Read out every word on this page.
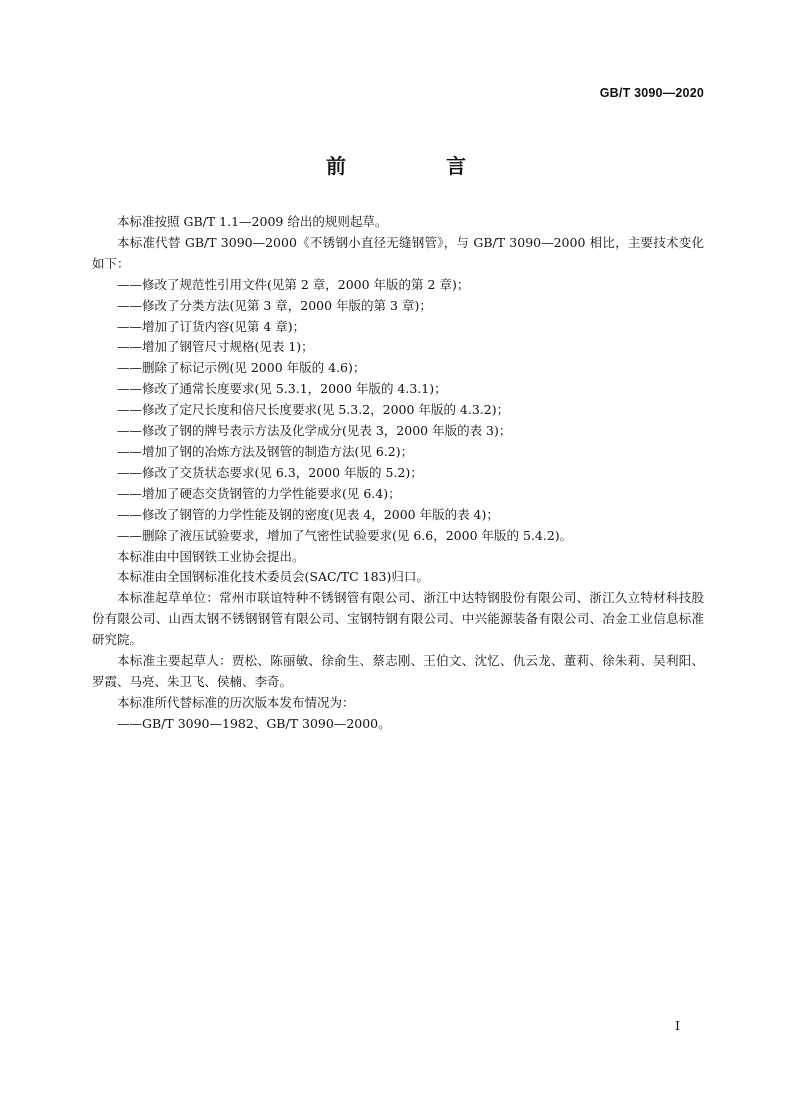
GB/T 3090—2020
前　言

本标准按照 GB/T 1.1—2009 给出的规则起草。

本标准代替 GB/T 3090—2000《不锈钢小直径无缝钢管》，与 GB/T 3090—2000 相比，主要技术变化如下：

——修改了规范性引用文件(见第 2 章，2000 年版的第 2 章)；

——修改了分类方法(见第 3 章，2000 年版的第 3 章)；

——增加了订货内容(见第 4 章)；

——增加了钢管尺寸规格(见表 1)；

——删除了标记示例(见 2000 年版的 4.6)；

——修改了通常长度要求(见 5.3.1，2000 年版的 4.3.1)；

——修改了定尺长度和倍尺长度要求(见 5.3.2，2000 年版的 4.3.2)；

——修改了钢的牌号表示方法及化学成分(见表 3，2000 年版的表 3)；

——增加了钢的冶炼方法及钢管的制造方法(见 6.2)；

——修改了交货状态要求(见 6.3，2000 年版的 5.2)；

——增加了硬态交货钢管的力学性能要求(见 6.4)；

——修改了钢管的力学性能及钢的密度(见表 4，2000 年版的表 4)；

——删除了液压试验要求，增加了气密性试验要求(见 6.6，2000 年版的 5.4.2)。

本标准由中国钢铁工业协会提出。

本标准由全国钢标准化技术委员会(SAC/TC 183)归口。

本标准起草单位：常州市联谊特种不锈钢管有限公司、浙江中达特钢股份有限公司、浙江久立特材科技股份有限公司、山西太钢不锈钢钢管有限公司、宝钢特钢有限公司、中兴能源装备有限公司、冶金工业信息标准研究院。

本标准主要起草人：贾松、陈丽敏、徐俞生、蔡志刚、王伯文、沈忆、仇云龙、董莉、徐朱莉、吴利阳、罗霞、马亮、朱卫飞、侯楠、李奇。

本标准所代替标准的历次版本发布情况为：

——GB/T 3090—1982、GB/T 3090—2000。

I
